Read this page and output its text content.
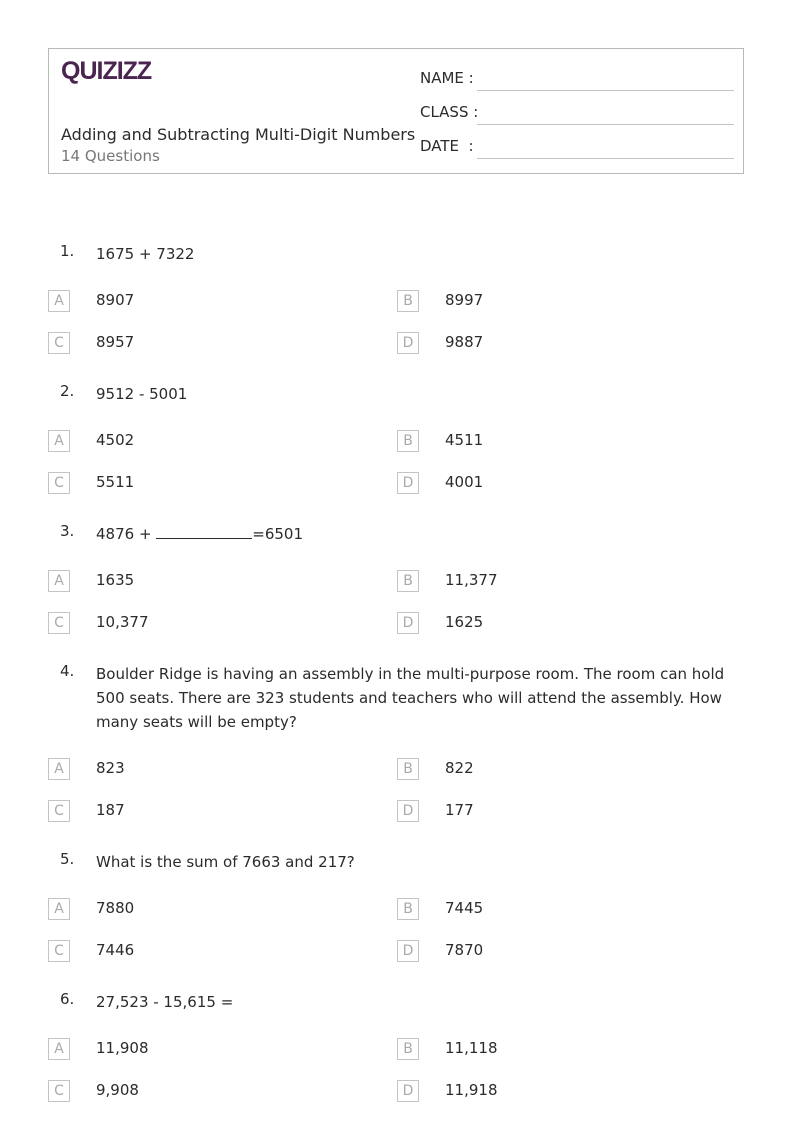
QUIZIZZ
Adding and Subtracting Multi-Digit Numbers
14 Questions
NAME :
CLASS :
DATE  :
1. 1675 + 7322
A	8907	B	8997
C	8957	D	9887
2. 9512 - 5001
A	4502	B	4511
C	5511	D	4001
3. 4876 +	=6501
A	1635	B	11,377
C	10,377	D	1625
4. Boulder Ridge is having an assembly in the multi-purpose room. The room can hold 500 seats. There are 323 students and teachers who will attend the assembly. How many seats will be empty?
A	823	B	822
C	187	D	177
5. What is the sum of 7663 and 217?
A	7880	B	7445
C	7446	D	7870
6. 27,523 - 15,615 =
A	11,908	B	11,118
C	9,908	D	11,918
